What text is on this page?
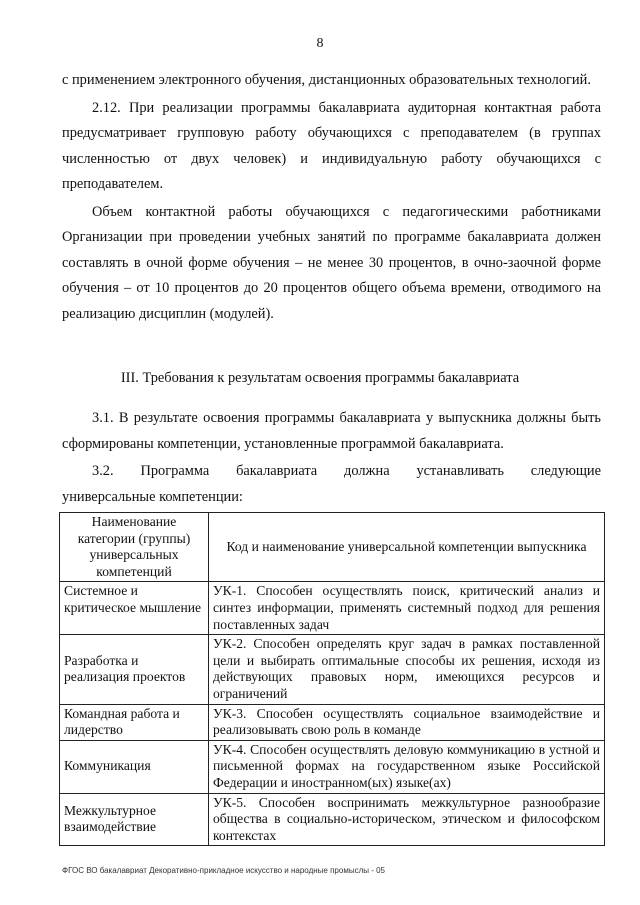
8

с применением электронного обучения, дистанционных образовательных технологий.

2.12. При реализации программы бакалавриата аудиторная контактная работа предусматривает групповую работу обучающихся с преподавателем (в группах численностью от двух человек) и индивидуальную работу обучающихся с преподавателем.

Объем контактной работы обучающихся с педагогическими работниками Организации при проведении учебных занятий по программе бакалавриата должен составлять в очной форме обучения – не менее 30 процентов, в очно-заочной форме обучения – от 10 процентов до 20 процентов общего объема времени, отводимого на реализацию дисциплин (модулей).

III. Требования к результатам освоения программы бакалавриата

3.1. В результате освоения программы бакалавриата у выпускника должны быть сформированы компетенции, установленные программой бакалавриата.

3.2. Программа бакалавриата должна устанавливать следующие

универсальные компетенции:

Наименование категории (группы) универсальных компетенций	Код и наименование универсальной компетенции выпускника
Системное и критическое мышление	УК-1. Способен осуществлять поиск, критический анализ и синтез информации, применять системный подход для решения поставленных задач
Разработка и реализация проектов	УК-2. Способен определять круг задач в рамках поставленной цели и выбирать оптимальные способы их решения, исходя из действующих правовых норм, имеющихся ресурсов и ограничений
Командная работа и лидерство	УК-3. Способен осуществлять социальное взаимодействие и реализовывать свою роль в команде
Коммуникация	УК-4. Способен осуществлять деловую коммуникацию в устной и письменной формах на государственном языке Российской Федерации и иностранном(ых) языке(ах)
Межкультурное взаимодействие	УК-5. Способен воспринимать межкультурное разнообразие общества в социально-историческом, этическом и философском контекстах
ФГОС ВО бакалавриат Декоративно-прикладное искусство и народные промыслы - 05
